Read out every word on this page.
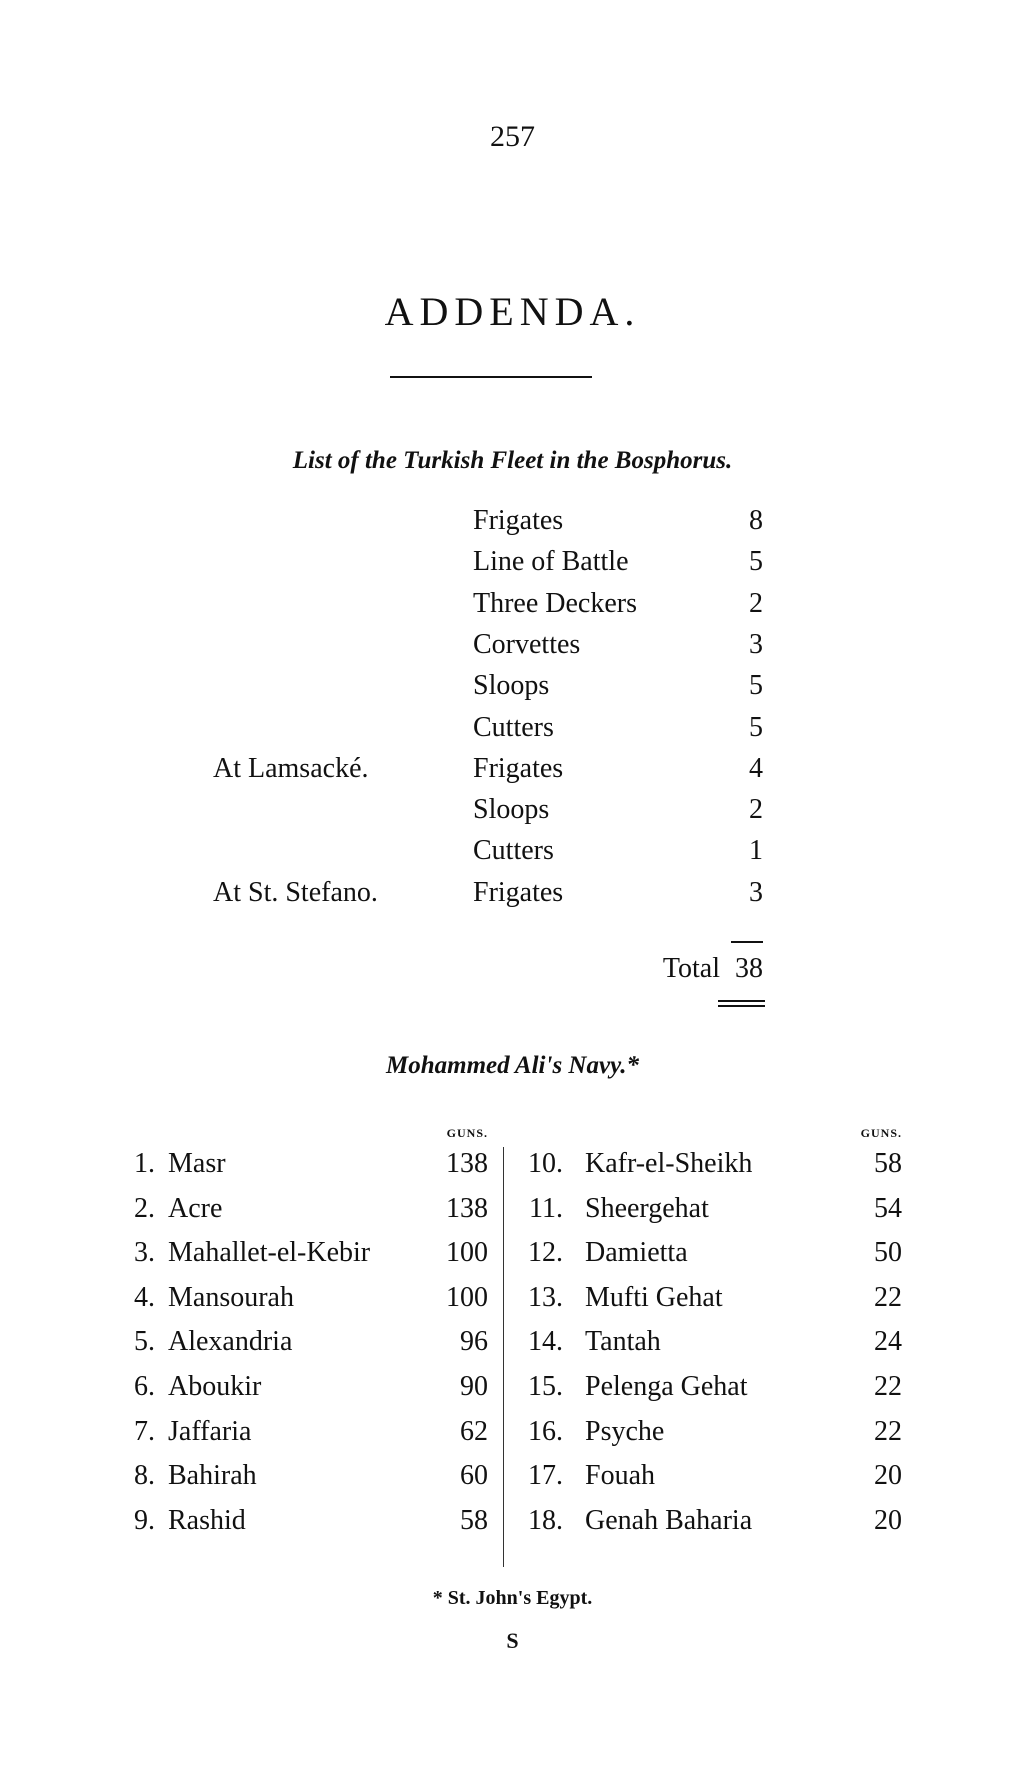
257
ADDENDA.
List of the Turkish Fleet in the Bosphorus.
Frigates	8
Line of Battle	5
Three Deckers	2
Corvettes	3
Sloops	5
Cutters	5
At Lamsacké.	Frigates	4
Sloops	2
Cutters	1
At St. Stefano.	Frigates	3
Total 38
Mohammed Ali's Navy.*
GUNS.	GUNS.
1. Masr	138
2. Acre	138
3. Mahallet-el-Kebir	100
4. Mansourah	100
5. Alexandria	96
6. Aboukir	90
7. Jaffaria	62
8. Bahirah	60
9. Rashid	58
10. Kafr-el-Sheikh	58
11. Sheergehat	54
12. Damietta	50
13. Mufti Gehat	22
14. Tantah	24
15. Pelenga Gehat	22
16. Psyche	22
17. Fouah	20
18. Genah Baharia	20
* St. John's Egypt.
S
